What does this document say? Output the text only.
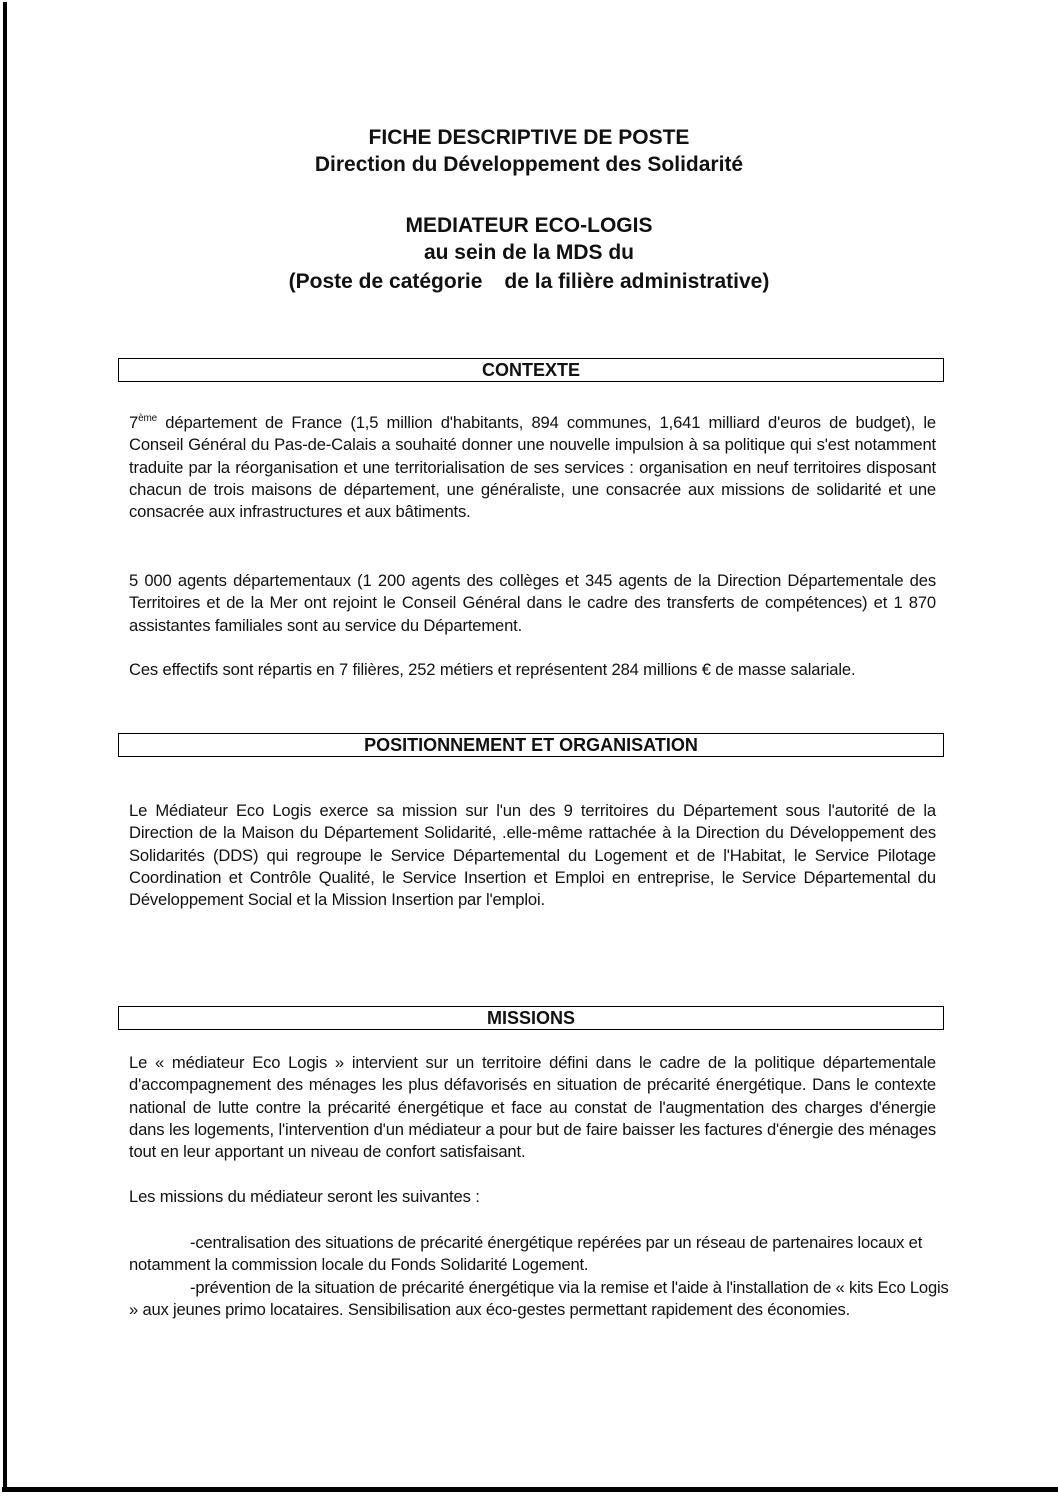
FICHE DESCRIPTIVE DE POSTE
Direction du Développement des Solidarité
MEDIATEUR ECO-LOGIS
au sein de la MDS du
(Poste de catégorie de la filière administrative)
CONTEXTE
7ème département de France (1,5 million d'habitants, 894 communes, 1,641 milliard d'euros de budget), le Conseil Général du Pas-de-Calais a souhaité donner une nouvelle impulsion à sa politique qui s'est notamment traduite par la réorganisation et une territorialisation de ses services : organisation en neuf territoires disposant chacun de trois maisons de département, une généraliste, une consacrée aux missions de solidarité et une consacrée aux infrastructures et aux bâtiments.
5 000 agents départementaux (1 200 agents des collèges et 345 agents de la Direction Départementale des Territoires et de la Mer ont rejoint le Conseil Général dans le cadre des transferts de compétences) et 1 870 assistantes familiales sont au service du Département.
Ces effectifs sont répartis en 7 filières, 252 métiers et représentent 284 millions € de masse salariale.
POSITIONNEMENT ET ORGANISATION
Le Médiateur Eco Logis exerce sa mission sur l'un des 9 territoires du Département sous l'autorité de la Direction de la Maison du Département Solidarité, .elle-même rattachée à la Direction du Développement des Solidarités (DDS) qui regroupe le Service Départemental du Logement et de l'Habitat, le Service Pilotage Coordination et Contrôle Qualité, le Service Insertion et Emploi en entreprise, le Service Départemental du Développement Social et la Mission Insertion par l'emploi.
MISSIONS
Le « médiateur Eco Logis » intervient sur un territoire défini dans le cadre de la politique départementale d'accompagnement des ménages les plus défavorisés en situation de précarité énergétique. Dans le contexte national de lutte contre la précarité énergétique et face au constat de l'augmentation des charges d'énergie dans les logements, l'intervention d'un médiateur a pour but de faire baisser les factures d'énergie des ménages tout en leur apportant un niveau de confort satisfaisant.
Les missions du médiateur seront les suivantes :
-centralisation des situations de précarité énergétique repérées par un réseau de partenaires locaux et notamment la commission locale du Fonds Solidarité Logement.
-prévention de la situation de précarité énergétique via la remise et l'aide à l'installation de « kits Eco Logis » aux jeunes primo locataires. Sensibilisation aux éco-gestes permettant rapidement des économies.
